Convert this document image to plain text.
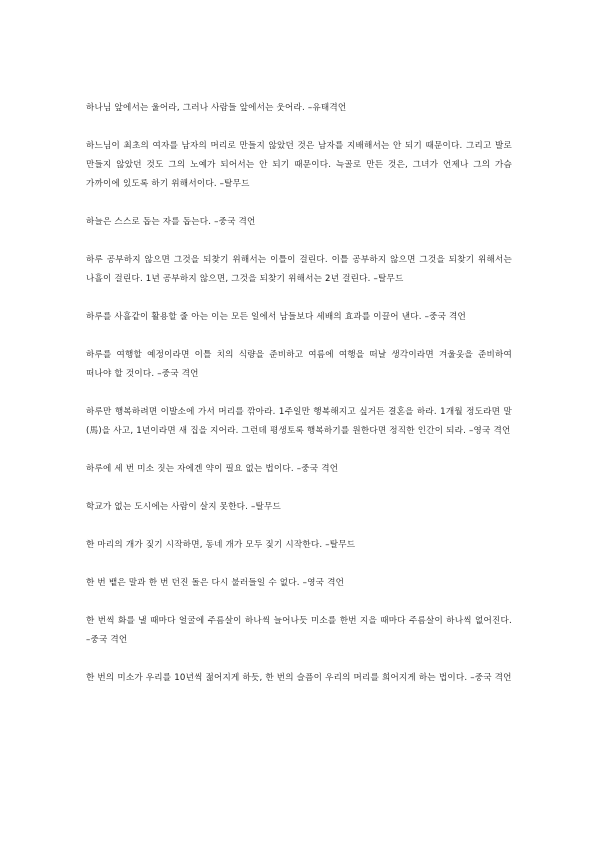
하나님 앞에서는 울어라, 그러나 사람들 앞에서는 웃어라. –유태격언

하느님이 최초의 여자를 남자의 머리로 만들지 않았던 것은 남자를 지배해서는 안 되기 때문이다. 그리고 발로 만들지 않았던 것도 그의 노예가 되어서는 안 되기 때문이다. 늑골로 만든 것은, 그녀가 언제나 그의 가슴 가까이에 있도록 하기 위해서이다. –탈무드

하늘은 스스로 돕는 자를 돕는다. –중국 격언

하루 공부하지 않으면 그것을 되찾기 위해서는 이틀이 걸린다. 이틀 공부하지 않으면 그것을 되찾기 위해서는 나흘이 걸린다. 1년 공부하지 않으면, 그것을 되찾기 위해서는 2년 걸린다. –탈무드

하루를 사흘같이 활용할 줄 아는 이는 모든 일에서 남들보다 세배의 효과를 이끌어 낸다. –중국 격언

하루를 여행할 예정이라면 이틀 치의 식량을 준비하고 여름에 여행을 떠날 생각이라면 겨울옷을 준비하여 떠나야 할 것이다. –중국 격언

하루만 행복하려면 이발소에 가서 머리를 깎아라. 1주일만 행복해지고 싶거든 결혼을 하라. 1개월 정도라면 말(馬)을 사고, 1년이라면 새 집을 지어라. 그런데 평생토록 행복하기를 원한다면 정직한 인간이 되라. –영국 격언

하루에 세 번 미소 짓는 자에겐 약이 필요 없는 법이다. –중국 격언

학교가 없는 도시에는 사람이 살지 못한다. –탈무드

한 마리의 개가 짖기 시작하면, 동네 개가 모두 짖기 시작한다. –탈무드

한 번 뱉은 말과 한 번 던진 돌은 다시 불러들일 수 없다. –영국 격언

한 번씩 화를 낼 때마다 얼굴에 주름살이 하나씩 늘어나듯 미소를 한번 지을 때마다 주름살이 하나씩 없어진다. –중국 격언

한 번의 미소가 우리를 10년씩 젊어지게 하듯, 한 번의 슬픔이 우리의 머리를 희어지게 하는 법이다. –중국 격언
